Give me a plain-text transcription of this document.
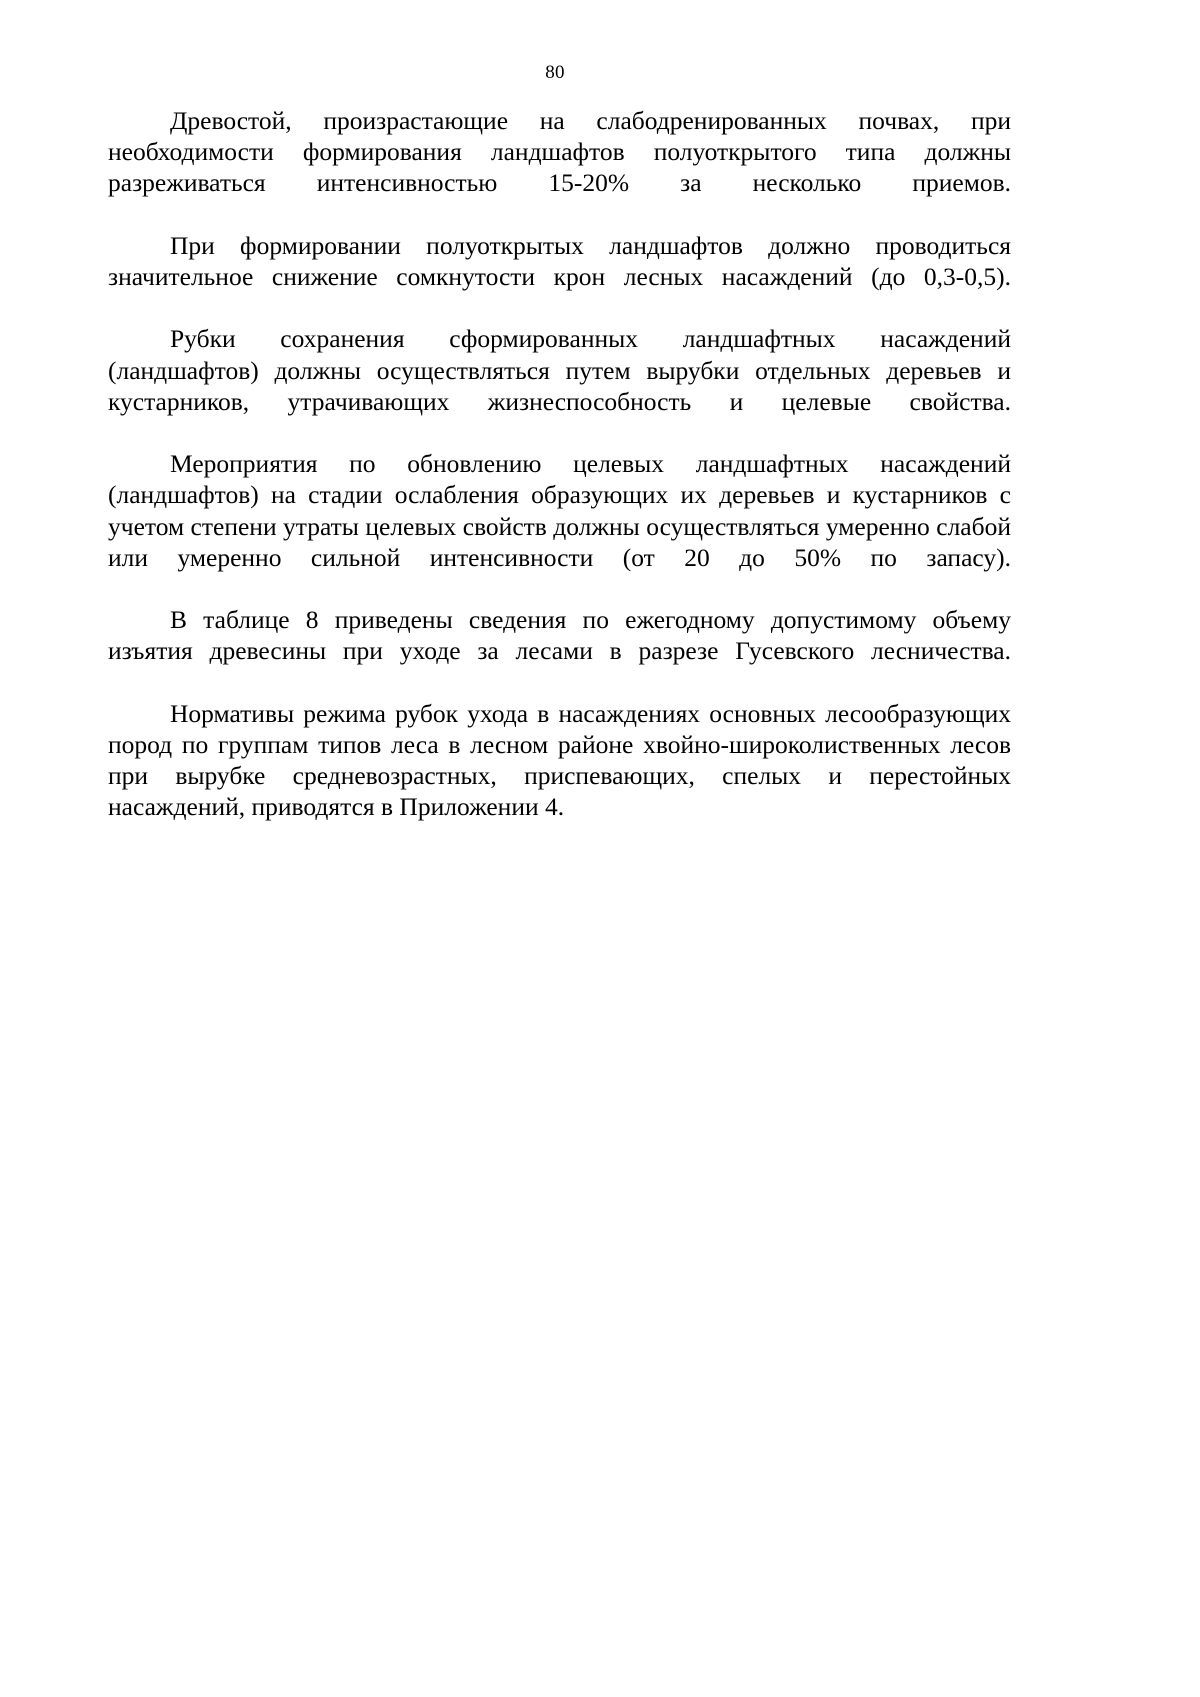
80

Древостой, произрастающие на слабодренированных почвах, при необходимости формирования ландшафтов полуоткрытого типа должны разреживаться интенсивностью 15-20% за несколько приемов.

При формировании полуоткрытых ландшафтов должно проводиться значительное снижение сомкнутости крон лесных насаждений (до 0,3-0,5).

Рубки сохранения сформированных ландшафтных насаждений (ландшафтов) должны осуществляться путем вырубки отдельных деревьев и кустарников, утрачивающих жизнеспособность и целевые свойства.

Мероприятия по обновлению целевых ландшафтных насаждений (ландшафтов) на стадии ослабления образующих их деревьев и кустарников с учетом степени утраты целевых свойств должны осуществляться умеренно слабой или умеренно сильной интенсивности (от 20 до 50% по запасу).

В таблице 8 приведены сведения по ежегодному допустимому объему изъятия древесины при уходе за лесами в разрезе Гусевского лесничества.

Нормативы режима рубок ухода в насаждениях основных лесообразующих пород по группам типов леса в лесном районе хвойно-широколиственных лесов при вырубке средневозрастных, приспевающих, спелых и перестойных насаждений, приводятся в Приложении 4.
